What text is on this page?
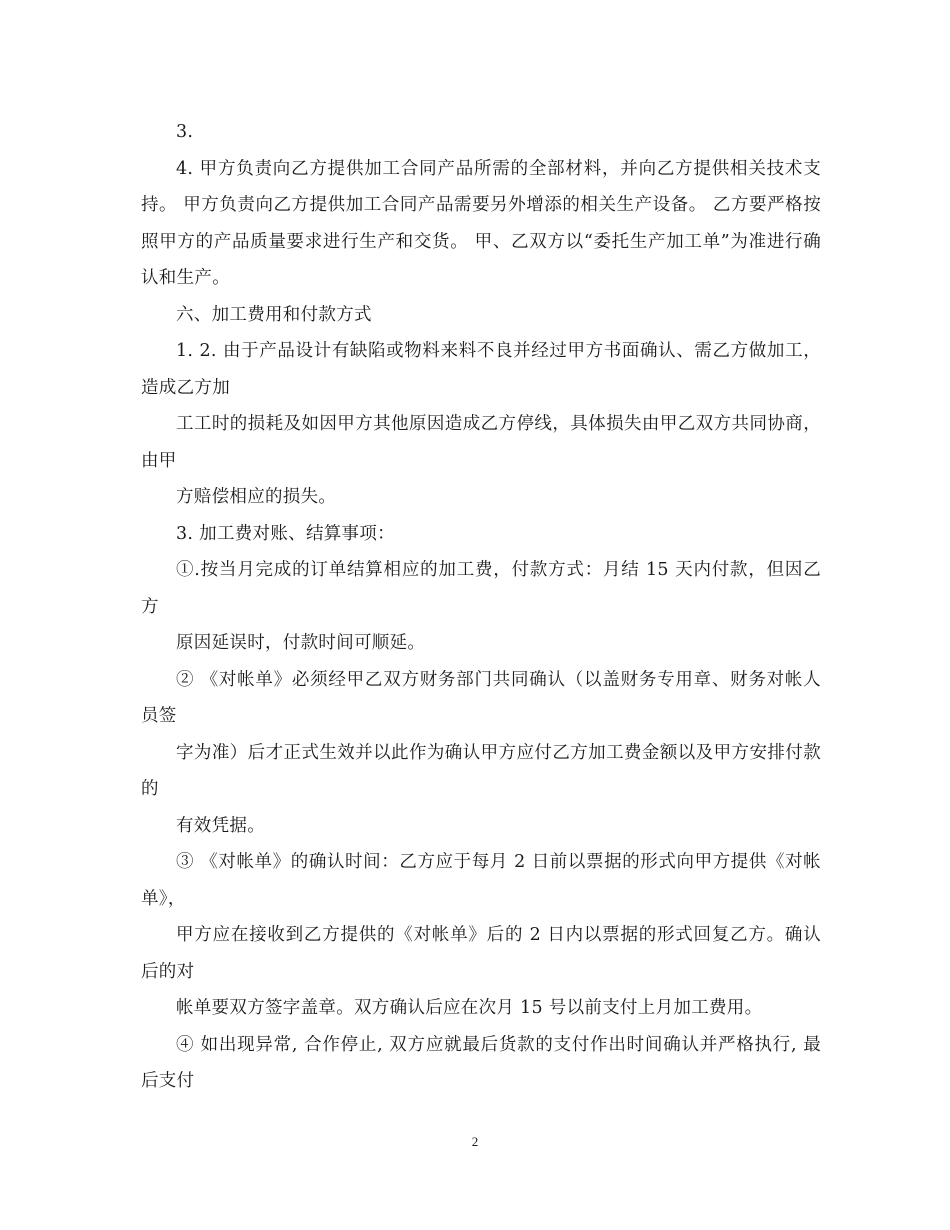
3.

4. 甲方负责向乙方提供加工合同产品所需的全部材料，并向乙方提供相关技术支持。 甲方负责向乙方提供加工合同产品需要另外增添的相关生产设备。 乙方要严格按照甲方的产品质量要求进行生产和交货。 甲、乙双方以“委托生产加工单”为准进行确认和生产。

六、加工费用和付款方式

1. 2. 由于产品设计有缺陷或物料来料不良并经过甲方书面确认、需乙方做加工，造成乙方加

工工时的损耗及如因甲方其他原因造成乙方停线，具体损失由甲乙双方共同协商，由甲

方赔偿相应的损失。

3. 加工费对账、结算事项：

①.按当月完成的订单结算相应的加工费，付款方式：月结 15 天内付款，但因乙方

原因延误时，付款时间可顺延。

② 《对帐单》必须经甲乙双方财务部门共同确认（以盖财务专用章、财务对帐人员签

字为准）后才正式生效并以此作为确认甲方应付乙方加工费金额以及甲方安排付款的

有效凭据。

③ 《对帐单》的确认时间：乙方应于每月 2 日前以票据的形式向甲方提供《对帐单》，

甲方应在接收到乙方提供的《对帐单》后的 2 日内以票据的形式回复乙方。确认后的对

帐单要双方签字盖章。双方确认后应在次月 15 号以前支付上月加工费用。

④ 如出现异常, 合作停止, 双方应就最后货款的支付作出时间确认并严格执行, 最后支付

2
